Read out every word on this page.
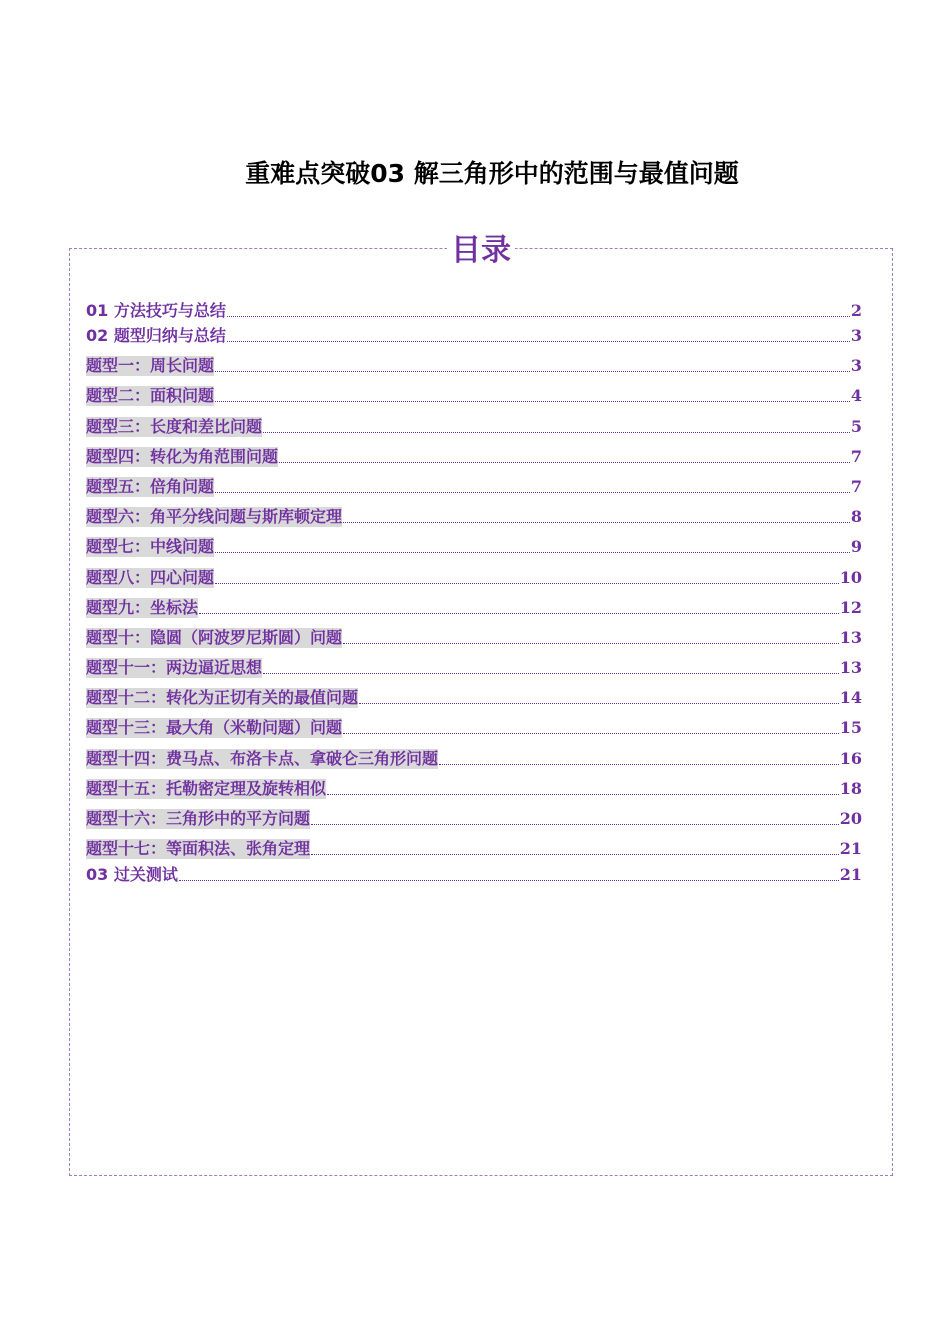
重难点突破03 解三角形中的范围与最值问题
目录
01 方法技巧与总结	2
02 题型归纳与总结	3
题型一：周长问题	3
题型二：面积问题	4
题型三：长度和差比问题	5
题型四：转化为角范围问题	7
题型五：倍角问题	7
题型六：角平分线问题与斯库顿定理	8
题型七：中线问题	9
题型八：四心问题	10
题型九：坐标法	12
题型十：隐圆（阿波罗尼斯圆）问题	13
题型十一：两边逼近思想	13
题型十二：转化为正切有关的最值问题	14
题型十三：最大角（米勒问题）问题	15
题型十四：费马点、布洛卡点、拿破仑三角形问题	16
题型十五：托勒密定理及旋转相似	18
题型十六：三角形中的平方问题	20
题型十七：等面积法、张角定理	21
03 过关测试	21
